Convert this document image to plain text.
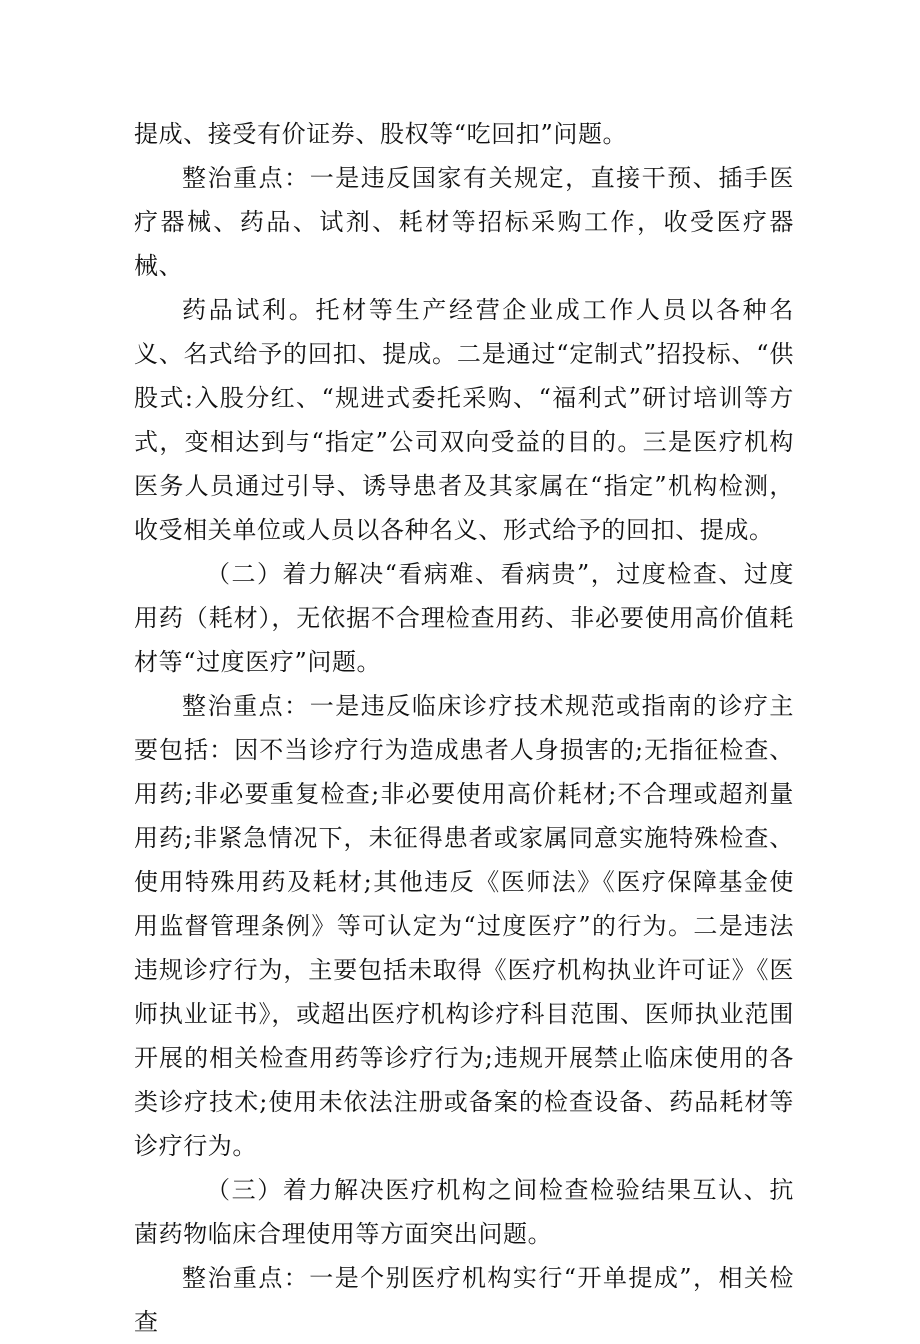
提成、接受有价证券、股权等“吃回扣”问题。

整治重点：一是违反国家有关规定，直接干预、插手医疗器械、药品、试剂、耗材等招标采购工作，收受医疗器械、

药品试利。托材等生产经营企业成工作人员以各种名义、名式给予的回扣、提成。二是通过“定制式”招投标、“供股式:入股分红、“规进式委托采购、“福利式”研讨培训等方式，变相达到与“指定”公司双向受益的目的。三是医疗机构医务人员通过引导、诱导患者及其家属在“指定”机构检测，收受相关单位或人员以各种名义、形式给予的回扣、提成。

（二）着力解决“看病难、看病贵”，过度检查、过度用药（耗材），无依据不合理检查用药、非必要使用高价值耗材等“过度医疗”问题。

整治重点：一是违反临床诊疗技术规范或指南的诊疗主要包括：因不当诊疗行为造成患者人身损害的;无指征检查、用药;非必要重复检查;非必要使用高价耗材;不合理或超剂量用药;非紧急情况下，未征得患者或家属同意实施特殊检查、使用特殊用药及耗材;其他违反《医师法》《医疗保障基金使用监督管理条例》等可认定为“过度医疗”的行为。二是违法违规诊疗行为，主要包括未取得《医疗机构执业许可证》《医师执业证书》，或超出医疗机构诊疗科目范围、医师执业范围开展的相关检查用药等诊疗行为;违规开展禁止临床使用的各类诊疗技术;使用未依法注册或备案的检查设备、药品耗材等诊疗行为。

（三）着力解决医疗机构之间检查检验结果互认、抗菌药物临床合理使用等方面突出问题。

整治重点：一是个别医疗机构实行“开单提成”，相关检查
